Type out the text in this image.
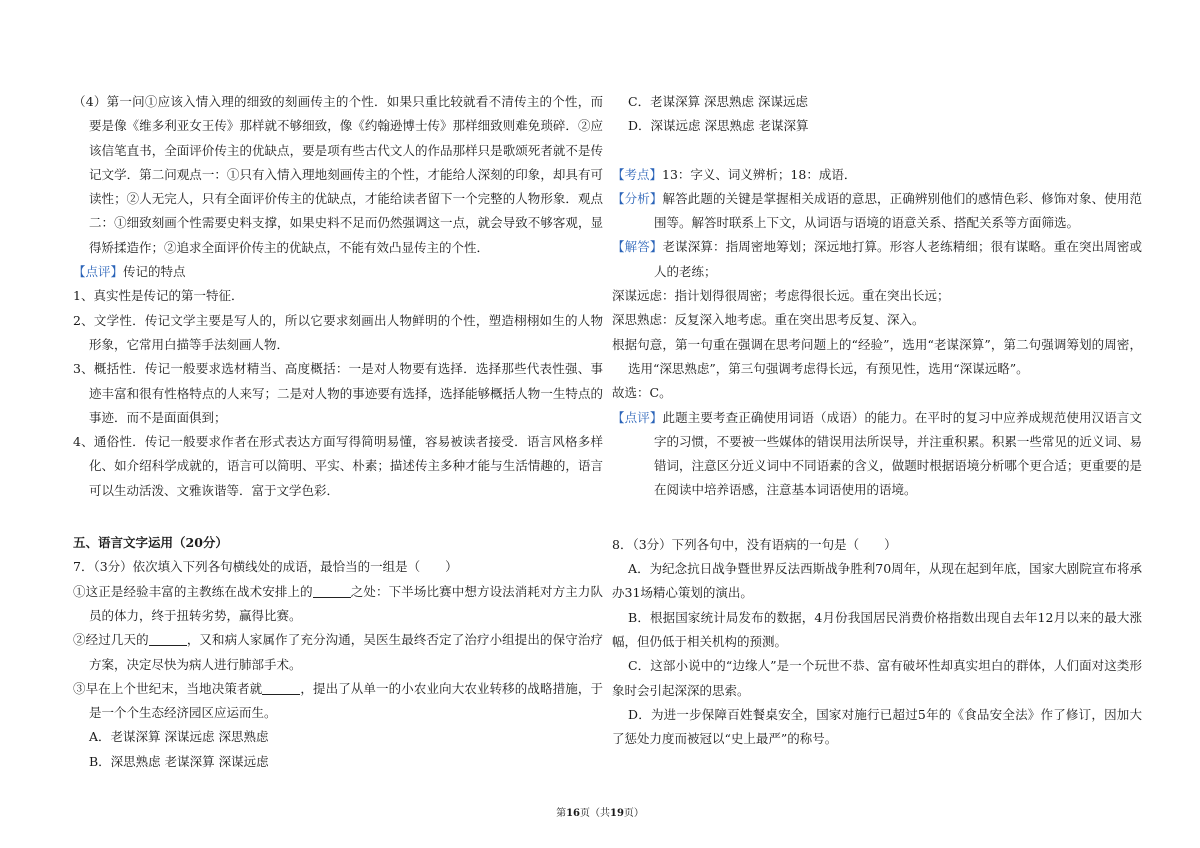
（4）第一问①应该入情入理的细致的刻画传主的个性．如果只重比较就看不清传主的个性，而要是像《维多利亚女王传》那样就不够细致，像《约翰逊博士传》那样细致则难免琐碎．②应该信笔直书，全面评价传主的优缺点，要是项有些古代文人的作品那样只是歌颂死者就不是传记文学．第二问观点一：①只有入情入理地刻画传主的个性，才能给人深刻的印象，却具有可读性；②人无完人，只有全面评价传主的优缺点，才能给读者留下一个完整的人物形象．观点二：①细致刻画个性需要史料支撑，如果史料不足而仍然强调这一点，就会导致不够客观，显得矫揉造作；②追求全面评价传主的优缺点，不能有效凸显传主的个性．
【点评】传记的特点
1、真实性是传记的第一特征．
2、文学性．传记文学主要是写人的，所以它要求刻画出人物鲜明的个性，塑造栩栩如生的人物形象，它常用白描等手法刻画人物．
3、概括性．传记一般要求选材精当、高度概括：一是对人物要有选择．选择那些代表性强、事迹丰富和很有性格特点的人来写；二是对人物的事迹要有选择，选择能够概括人物一生特点的事迹．而不是面面俱到；
4、通俗性．传记一般要求作者在形式表达方面写得简明易懂，容易被读者接受．语言风格多样化、如介绍科学成就的，语言可以简明、平实、朴素；描述传主多种才能与生活情趣的，语言可以生动活泼、文雅诙谐等．富于文学色彩．
五、语言文字运用（20分）
7．（3分）依次填入下列各句横线处的成语，最恰当的一组是（　　）
①这正是经验丰富的主教练在战术安排上的	之处：下半场比赛中想方设法消耗对方主力队员的体力，终于扭转劣势，赢得比赛。
②经过几天的	，又和病人家属作了充分沟通，吴医生最终否定了治疗小组提出的保守治疗方案，决定尽快为病人进行肺部手术。
③早在上个世纪末，当地决策者就	，提出了从单一的小农业向大农业转移的战略措施，于是一个个生态经济园区应运而生。
A．老谋深算 深谋远虑 深思熟虑
B．深思熟虑 老谋深算 深谋远虑
C．老谋深算 深思熟虑 深谋远虑
D．深谋远虑 深思熟虑 老谋深算
【考点】13：字义、词义辨析；18：成语．
【分析】解答此题的关键是掌握相关成语的意思，正确辨别他们的感情色彩、修饰对象、使用范围等。解答时联系上下文，从词语与语境的语意关系、搭配关系等方面筛选。
【解答】老谋深算：指周密地筹划；深远地打算。形容人老练精细；很有谋略。重在突出周密或人的老练；
深谋远虑：指计划得很周密；考虑得很长远。重在突出长远；
深思熟虑：反复深入地考虑。重在突出思考反复、深入。
根据句意，第一句重在强调在思考问题上的“经验”，选用“老谋深算”，第二句强调筹划的周密，选用“深思熟虑”，第三句强调考虑得长远，有预见性，选用“深谋远略”。
故选：C。
【点评】此题主要考查正确使用词语（成语）的能力。在平时的复习中应养成规范使用汉语言文字的习惯，不要被一些媒体的错误用法所误导，并注重积累。积累一些常见的近义词、易错词，注意区分近义词中不同语素的含义，做题时根据语境分析哪个更合适；更重要的是在阅读中培养语感，注意基本词语使用的语境。
8．（3分）下列各句中，没有语病的一句是（　　）
A．为纪念抗日战争暨世界反法西斯战争胜利70周年，从现在起到年底，国家大剧院宣布将承办31场精心策划的演出。
B．根据国家统计局发布的数据，4月份我国居民消费价格指数出现自去年12月以来的最大涨幅，但仍低于相关机构的预测。
C．这部小说中的“边缘人”是一个玩世不恭、富有破坏性却真实坦白的群体，人们面对这类形象时会引起深深的思索。
D．为进一步保障百姓餐桌安全，国家对施行已超过5年的《食品安全法》作了修订，因加大了惩处力度而被冠以“史上最严”的称号。
第16页（共19页）
